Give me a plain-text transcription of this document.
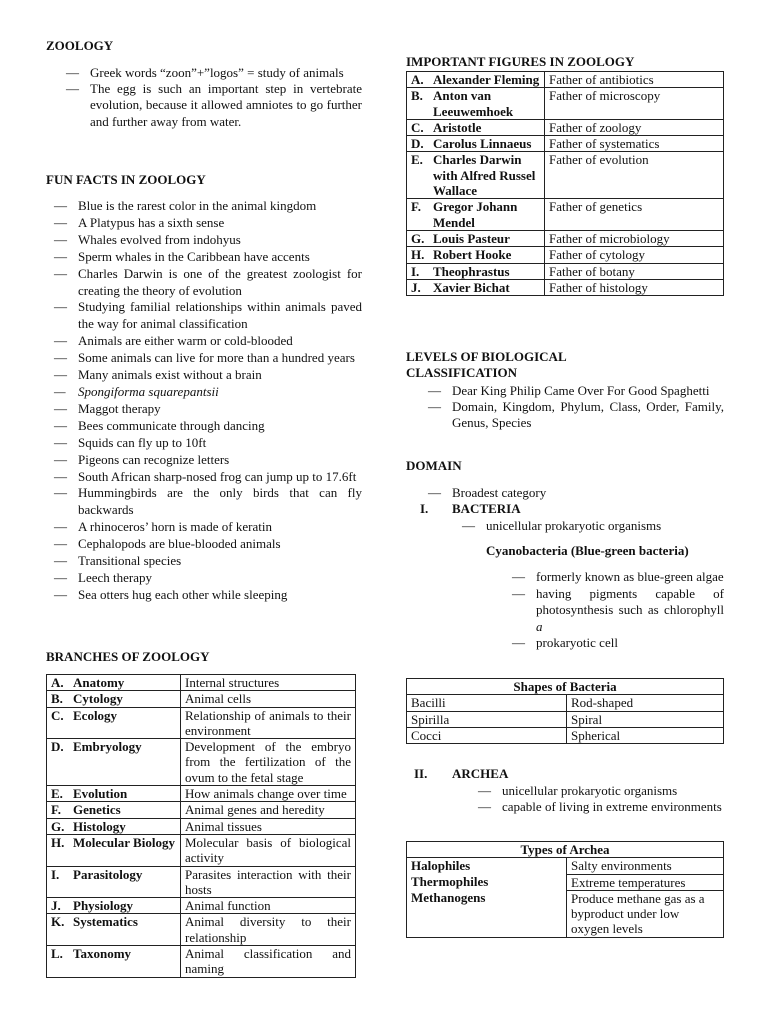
ZOOLOGY
— Greek words “zoon”+”logos” = study of animals
— The egg is such an important step in vertebrate evolution, because it allowed amniotes to go further and further away from water.
FUN FACTS IN ZOOLOGY
— Blue is the rarest color in the animal kingdom
— A Platypus has a sixth sense
— Whales evolved from indohyus
— Sperm whales in the Caribbean have accents
— Charles Darwin is one of the greatest zoologist for creating the theory of evolution
— Studying familial relationships within animals paved the way for animal classification
— Animals are either warm or cold-blooded
— Some animals can live for more than a hundred years
— Many animals exist without a brain
— Spongiforma squarepantsii
— Maggot therapy
— Bees communicate through dancing
— Squids can fly up to 10ft
— Pigeons can recognize letters
— South African sharp-nosed frog can jump up to 17.6ft
— Hummingbirds are the only birds that can fly backwards
— A rhinoceros’ horn is made of keratin
— Cephalopods are blue-blooded animals
— Transitional species
— Leech therapy
— Sea otters hug each other while sleeping
BRANCHES OF ZOOLOGY
A. Anatomy	Internal structures

B. Cytology	Animal cells

C. Ecology	Relationship of animals to their environment

D. Embryology	Development of the embryo from the fertilization of the ovum to the fetal stage

E. Evolution	How animals change over time

F. Genetics	Animal genes and heredity

G. Histology	Animal tissues

H. Molecular Biology	Molecular basis of biological activity

I. Parasitology	Parasites interaction with their hosts

J. Physiology	Animal function

K. Systematics	Animal diversity to their relationship

L. Taxonomy	Animal classification and naming
IMPORTANT FIGURES IN ZOOLOGY
A. Alexander Fleming	Father of antibiotics

B. Anton van Leeuwemhoek	Father of microscopy

C. Aristotle	Father of zoology

D. Carolus Linnaeus	Father of systematics

E. Charles Darwin with Alfred Russel Wallace	Father of evolution

F. Gregor Johann Mendel	Father of genetics

G. Louis Pasteur	Father of microbiology

H. Robert Hooke	Father of cytology

I. Theophrastus	Father of botany

J. Xavier Bichat	Father of histology
LEVELS OF BIOLOGICAL CLASSIFICATION
— Dear King Philip Came Over For Good Spaghetti
— Domain, Kingdom, Phylum, Class, Order, Family, Genus, Species
DOMAIN
— Broadest category
I. BACTERIA
— unicellular prokaryotic organisms
Cyanobacteria (Blue-green bacteria)
— formerly known as blue-green algae
— having pigments capable of photosynthesis such as chlorophyll a
— prokaryotic cell
Shapes of Bacteria	
Bacilli	Rod-shaped
Spirilla	Spiral
Cocci	Spherical
II. ARCHEA
— unicellular prokaryotic organisms
— capable of living in extreme environments
Types of Archea	
Halophiles	Salty environments
Thermophiles	Extreme temperatures
Methanogens	Produce methane gas as a byproduct under low oxygen levels
